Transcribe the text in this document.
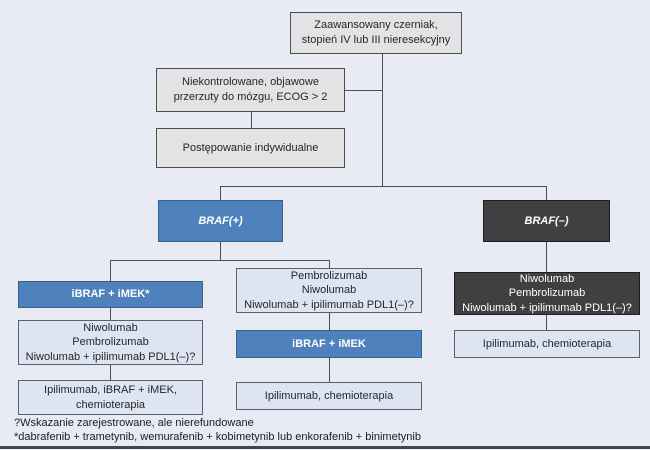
Zaawansowany czerniak,
stopień IV lub III nieresekcyjny
Niekontrolowane, objawowe
przerzuty do mózgu, ECOG > 2
Postępowanie indywidualne
BRAF(+)	BRAF(–)
iBRAF + iMEK*
Niwolumab
Pembrolizumab
Niwolumab + ipilimumab PDL1(–)?
Ipilimumab, iBRAF + iMEK,
chemioterapia
Pembrolizumab
Niwolumab
Niwolumab + ipilimumab PDL1(–)?
iBRAF + iMEK
Ipilimumab, chemioterapia
Niwolumab
Pembrolizumab
Niwolumab + ipilimumab PDL1(–)?
Ipilimumab, chemioterapia
?Wskazanie zarejestrowane, ale nierefundowane
*dabrafenib + trametynib, wemurafenib + kobimetynib lub enkorafenib + binimetynib
